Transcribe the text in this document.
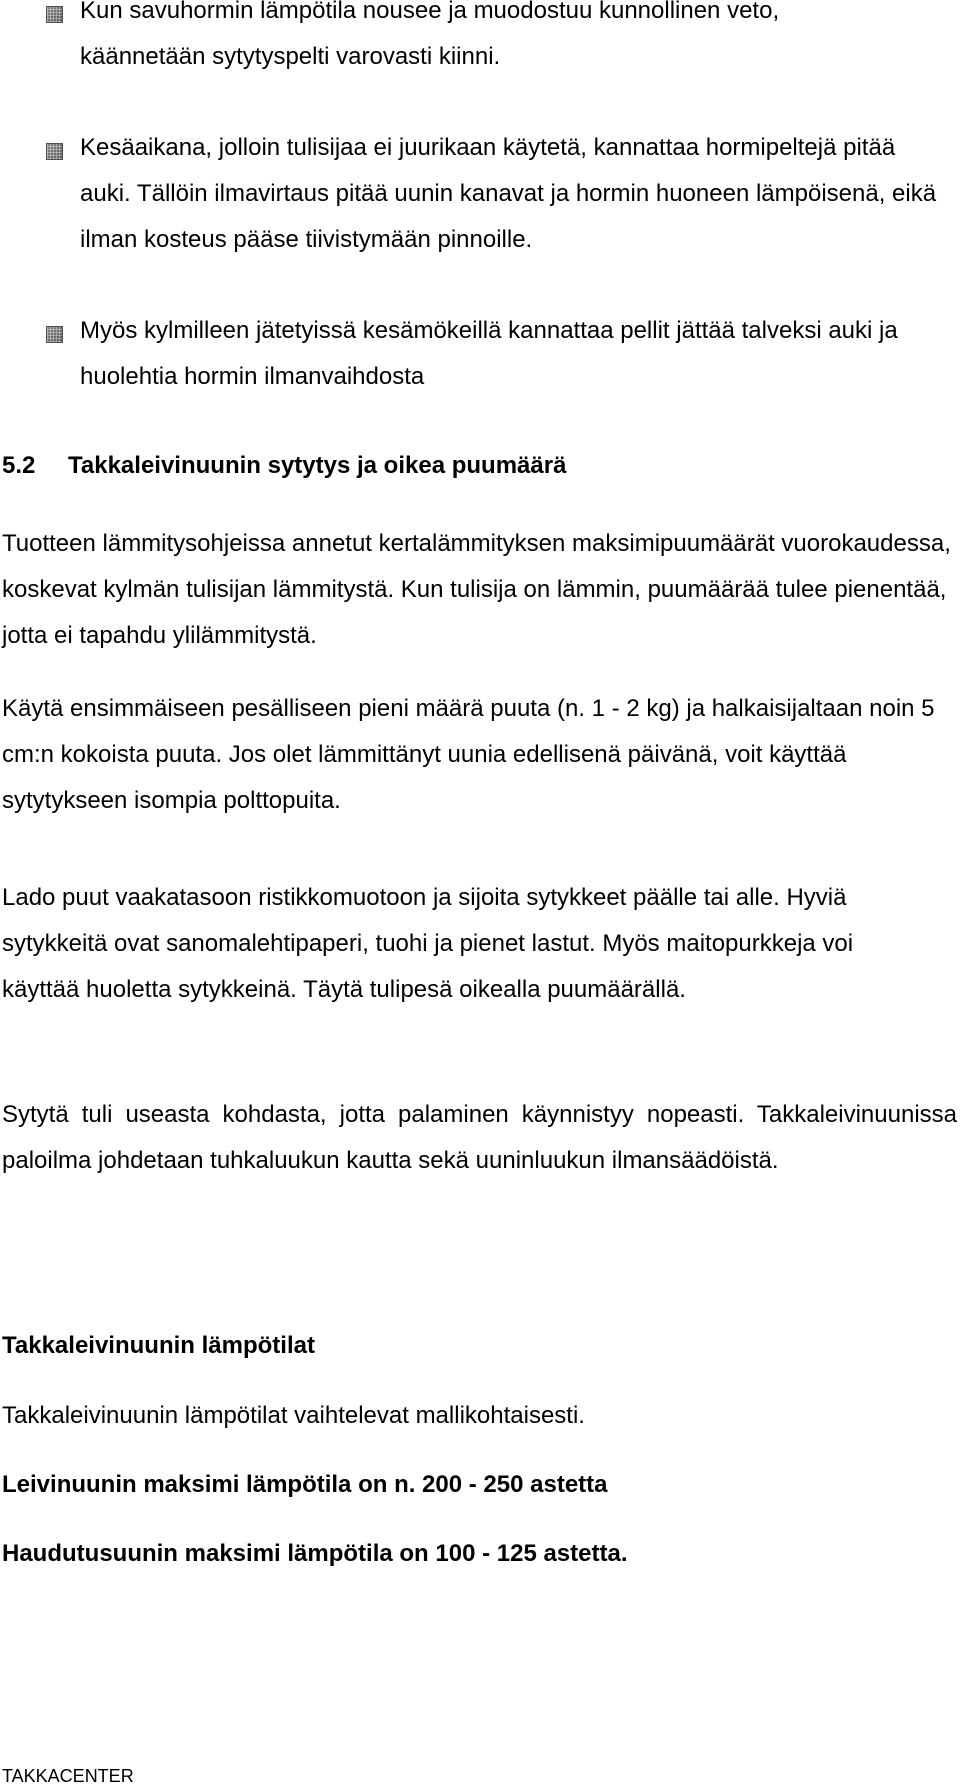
Kun savuhormin lämpötila nousee ja muodostuu kunnollinen veto, käännetään sytytyspelti varovasti kiinni.
Kesäaikana, jolloin tulisijaa ei juurikaan käytetä, kannattaa hormipeltejä pitää auki. Tällöin ilmavirtaus pitää uunin kanavat ja hormin huoneen lämpöisenä, eikä ilman kosteus pääse tiivistymään pinnoille.
Myös kylmilleen jätetyissä kesämökeillä kannattaa pellit jättää talveksi auki ja huolehtia hormin ilmanvaihdosta
5.2 Takkaleivinuunin sytytys ja oikea puumäärä
Tuotteen lämmitysohjeissa annetut kertalämmityksen maksimipuumäärät vuorokaudessa, koskevat kylmän tulisijan lämmitystä. Kun tulisija on lämmin, puumäärää tulee pienentää, jotta ei tapahdu ylilämmitystä.
Käytä ensimmäiseen pesälliseen pieni määrä puuta (n. 1 - 2 kg) ja halkaisijaltaan noin 5 cm:n kokoista puuta. Jos olet lämmittänyt uunia edellisenä päivänä, voit käyttää sytytykseen isompia polttopuita.
Lado puut vaakatasoon ristikkomuotoon ja sijoita sytykkeet päälle tai alle. Hyviä sytykkeitä ovat sanomalehtipaperi, tuohi ja pienet lastut. Myös maitopurkkeja voi käyttää huoletta sytykkeinä. Täytä tulipesä oikealla puumäärällä.
Sytytä tuli useasta kohdasta, jotta palaminen käynnistyy nopeasti. Takkaleivinuunissa paloilma johdetaan tuhkaluukun kautta sekä uuninluukun ilmansäädöistä.
Takkaleivinuunin lämpötilat
Takkaleivinuunin lämpötilat vaihtelevat mallikohtaisesti.
Leivinuunin maksimi lämpötila on n. 200 - 250 astetta
Haudutusuunin maksimi lämpötila on 100 - 125 astetta.
TAKKACENTER
